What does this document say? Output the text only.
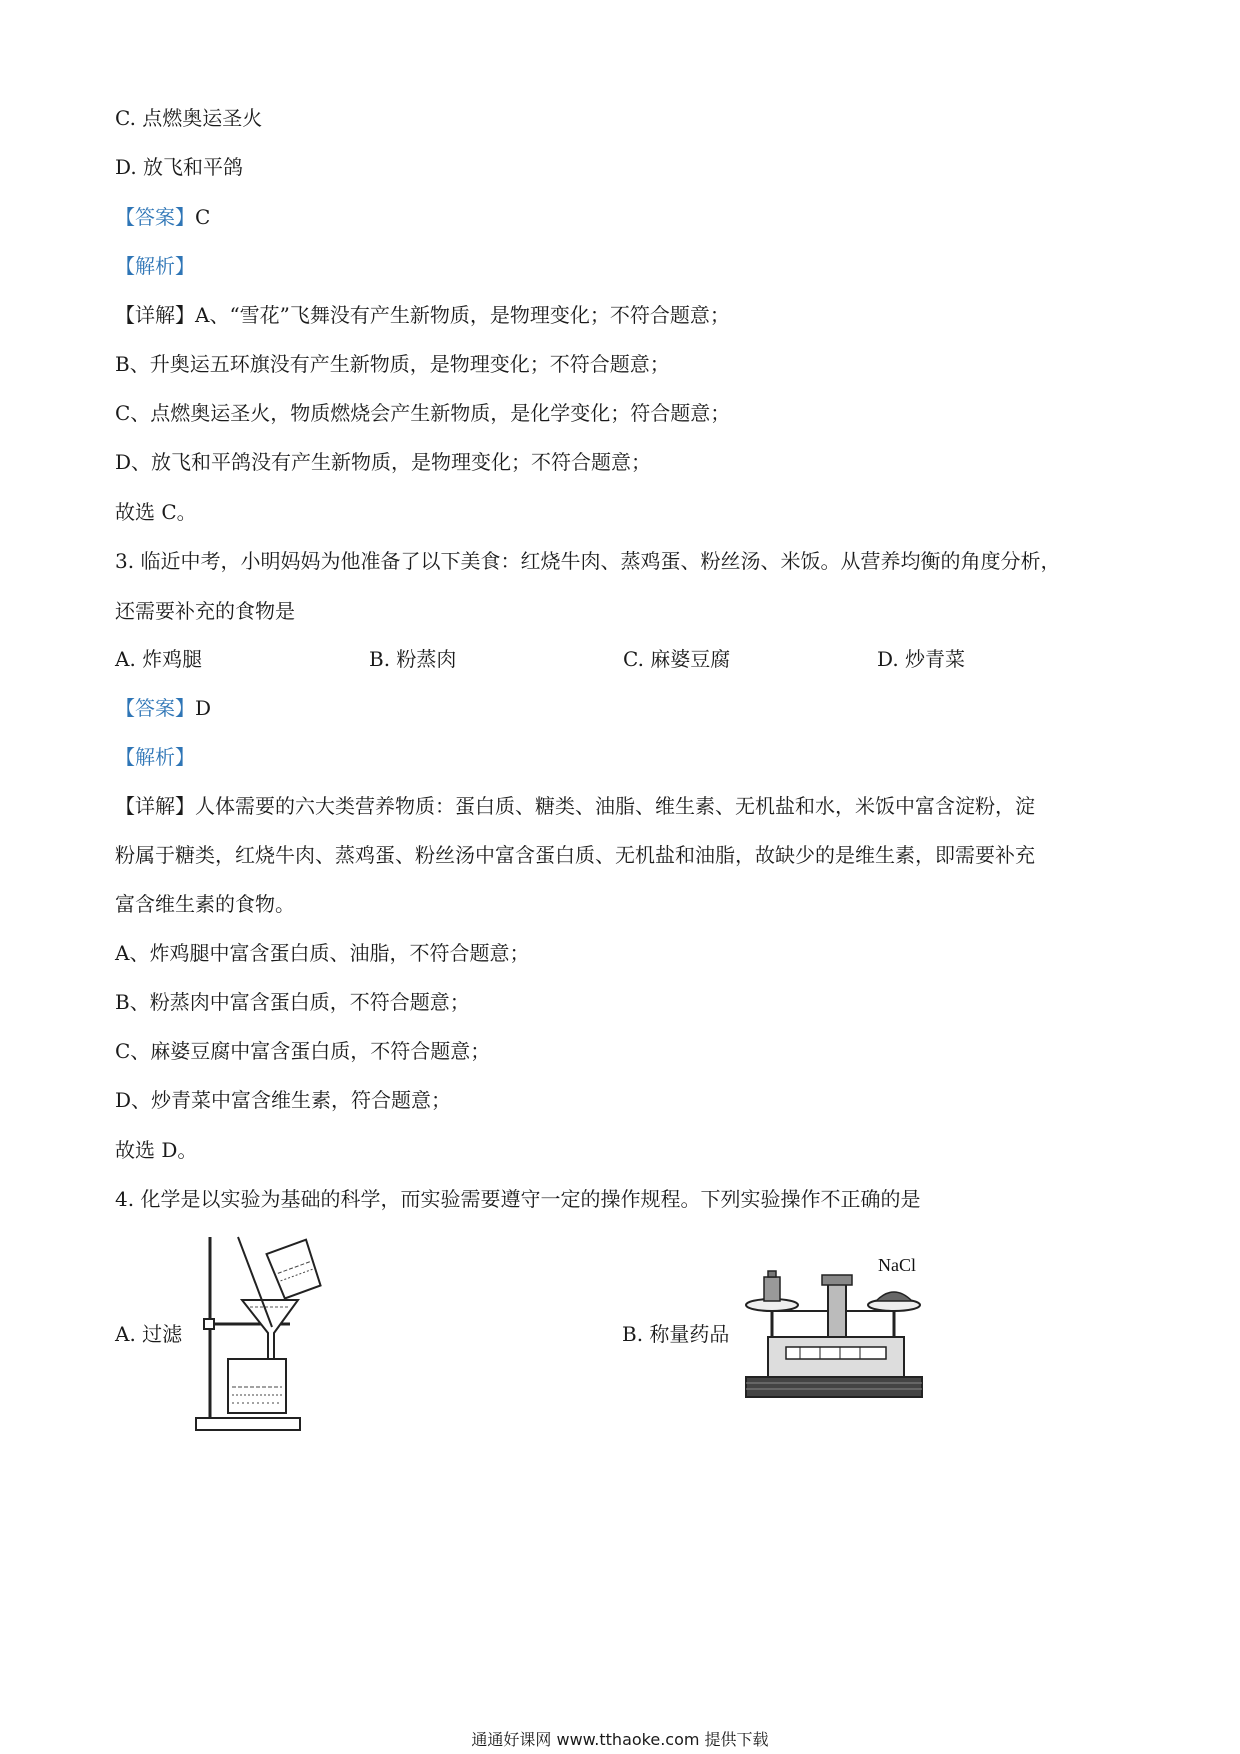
C. 点燃奥运圣火
D. 放飞和平鸽
【答案】C
【解析】
【详解】A、“雪花”飞舞没有产生新物质，是物理变化；不符合题意；
B、升奥运五环旗没有产生新物质，是物理变化；不符合题意；
C、点燃奥运圣火，物质燃烧会产生新物质，是化学变化；符合题意；
D、放飞和平鸽没有产生新物质，是物理变化；不符合题意；
故选 C。
3. 临近中考，小明妈妈为他准备了以下美食：红烧牛肉、蒸鸡蛋、粉丝汤、米饭。从营养均衡的角度分析，
还需要补充的食物是
A. 炸鸡腿	B. 粉蒸肉	C. 麻婆豆腐	D. 炒青菜
【答案】D
【解析】
【详解】人体需要的六大类营养物质：蛋白质、糖类、油脂、维生素、无机盐和水，米饭中富含淀粉，淀
粉属于糖类，红烧牛肉、蒸鸡蛋、粉丝汤中富含蛋白质、无机盐和油脂，故缺少的是维生素，即需要补充
富含维生素的食物。
A、炸鸡腿中富含蛋白质、油脂，不符合题意；
B、粉蒸肉中富含蛋白质，不符合题意；
C、麻婆豆腐中富含蛋白质，不符合题意；
D、炒青菜中富含维生素，符合题意；
故选 D。
4. 化学是以实验为基础的科学，而实验需要遵守一定的操作规程。下列实验操作不正确的是
A. 过滤	B. 称量药品
NaCl
通通好课网 www.tthaoke.com 提供下载
